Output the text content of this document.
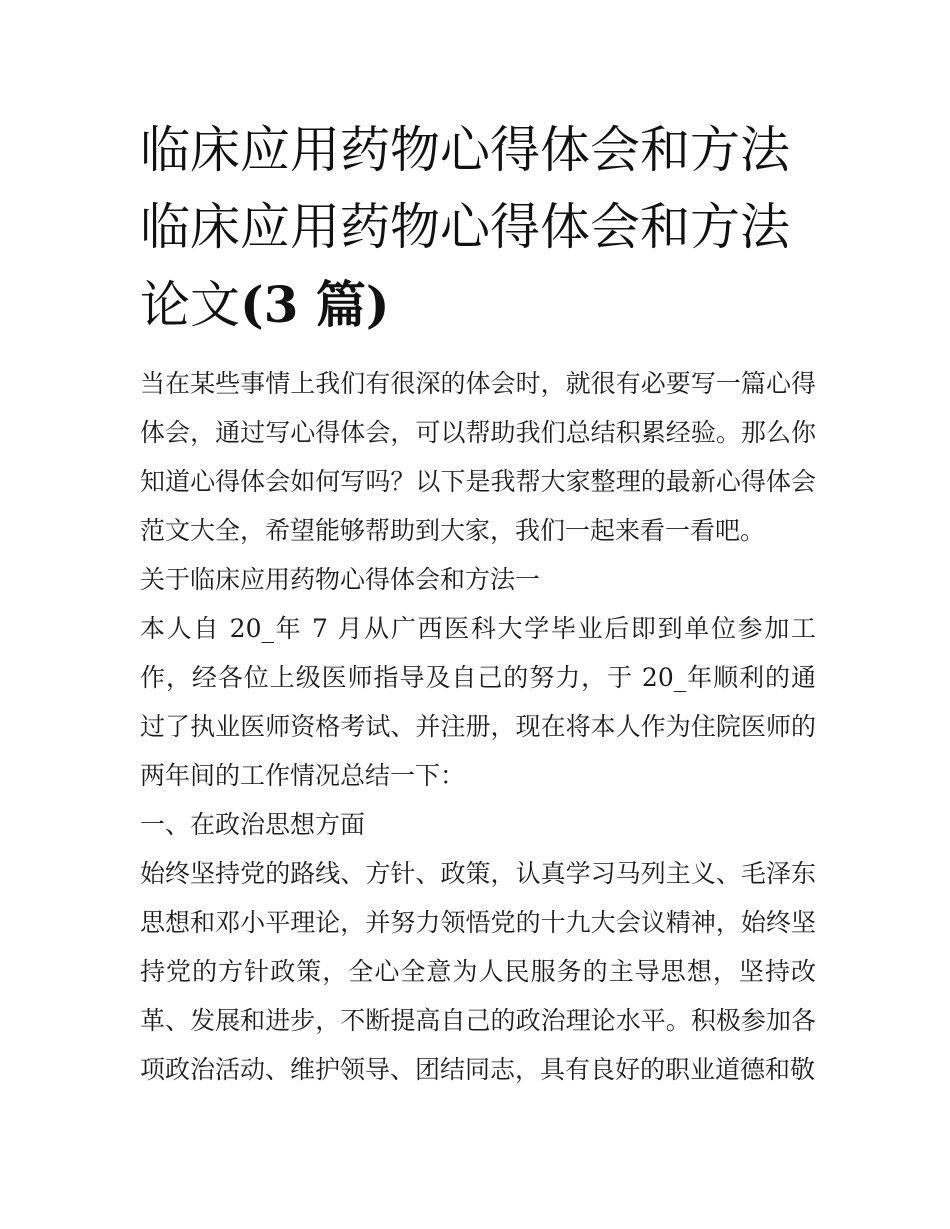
临床应用药物心得体会和方法
临床应用药物心得体会和方法
论文(3 篇)

当在某些事情上我们有很深的体会时，就很有必要写一篇心得体会，通过写心得体会，可以帮助我们总结积累经验。那么你知道心得体会如何写吗？以下是我帮大家整理的最新心得体会范文大全，希望能够帮助到大家，我们一起来看一看吧。

关于临床应用药物心得体会和方法一

本人自 20_年 7 月从广西医科大学毕业后即到单位参加工作，经各位上级医师指导及自己的努力，于 20_年顺利的通过了执业医师资格考试、并注册，现在将本人作为住院医师的两年间的工作情况总结一下：

一、在政治思想方面

始终坚持党的路线、方针、政策，认真学习马列主义、毛泽东思想和邓小平理论，并努力领悟党的十九大会议精神，始终坚持党的方针政策，全心全意为人民服务的主导思想，坚持改革、发展和进步，不断提高自己的政治理论水平。积极参加各项政治活动、维护领导、团结同志，具有良好的职业道德和敬
